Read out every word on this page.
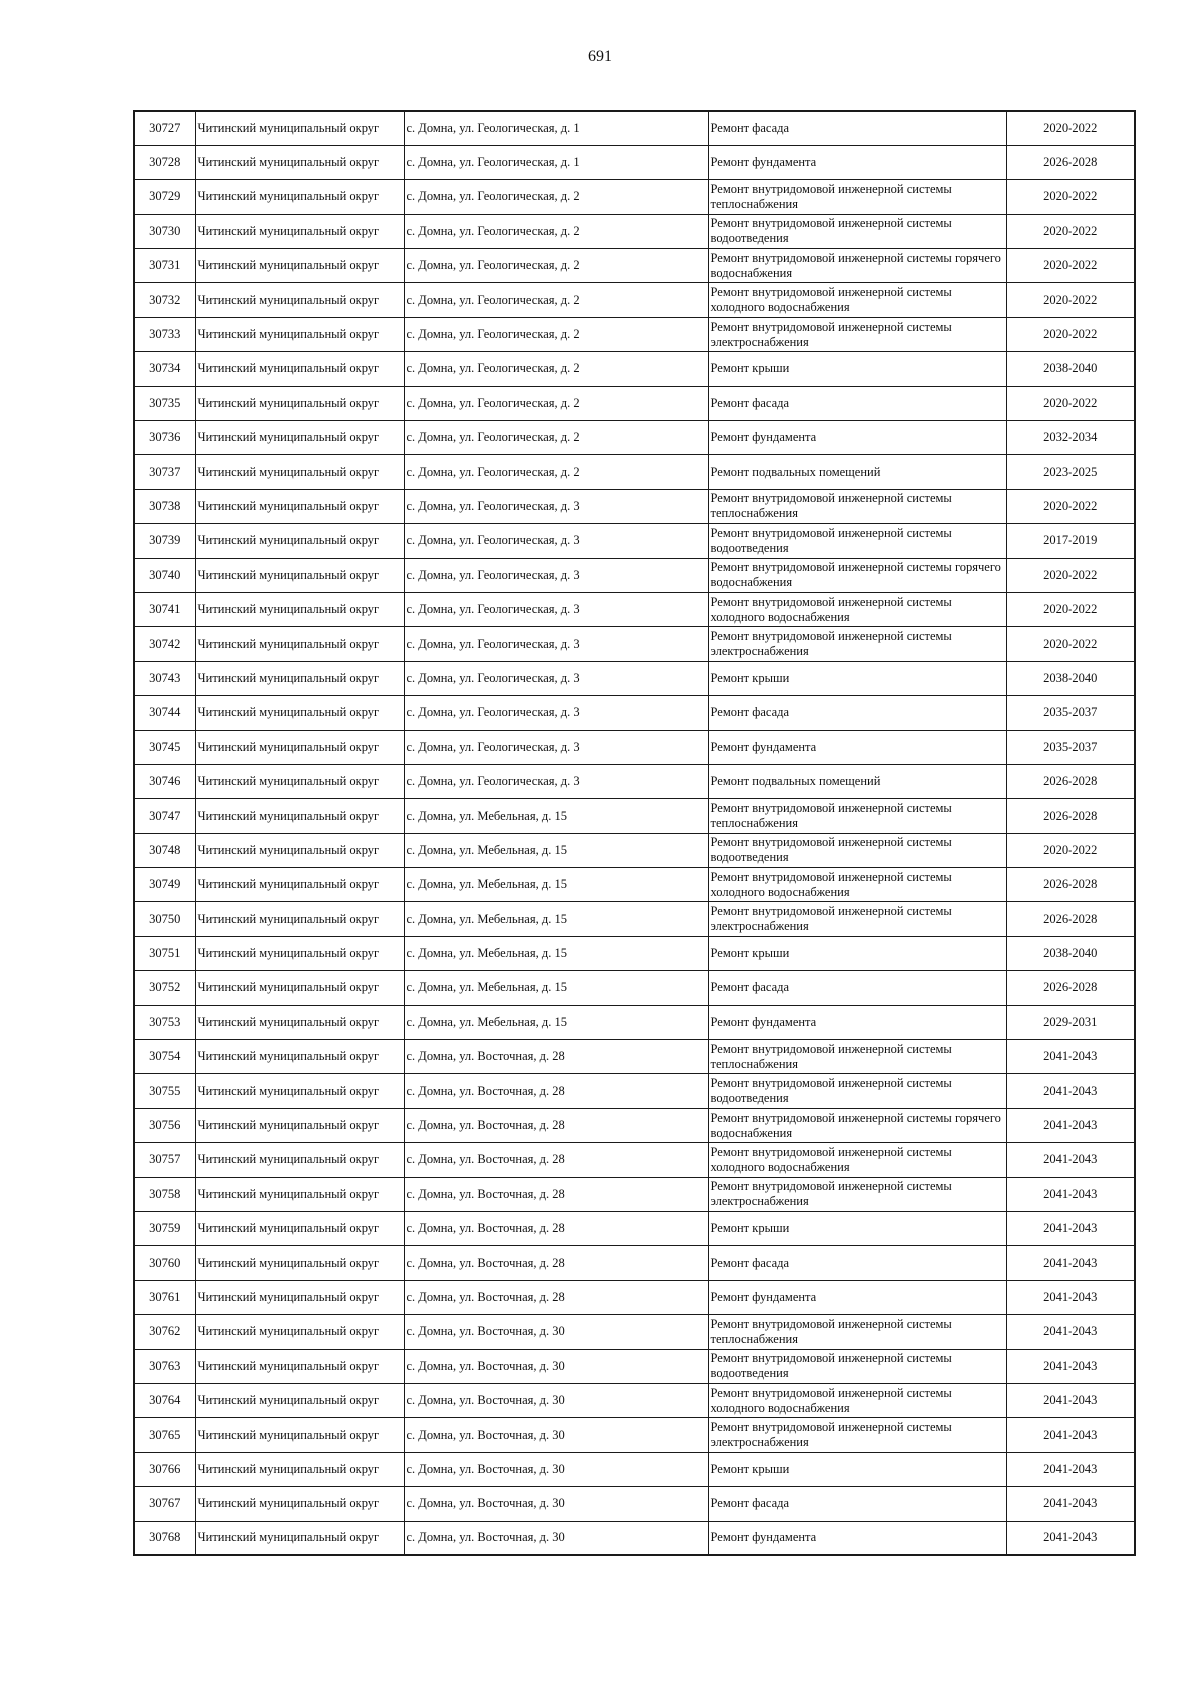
691
30727	Читинский муниципальный округ	с. Домна, ул. Геологическая, д. 1	Ремонт фасада	2020-2022
30728	Читинский муниципальный округ	с. Домна, ул. Геологическая, д. 1	Ремонт фундамента	2026-2028
30729	Читинский муниципальный округ	с. Домна, ул. Геологическая, д. 2	Ремонт внутридомовой инженерной системы теплоснабжения	2020-2022
30730	Читинский муниципальный округ	с. Домна, ул. Геологическая, д. 2	Ремонт внутридомовой инженерной системы водоотведения	2020-2022
30731	Читинский муниципальный округ	с. Домна, ул. Геологическая, д. 2	Ремонт внутридомовой инженерной системы горячего водоснабжения	2020-2022
30732	Читинский муниципальный округ	с. Домна, ул. Геологическая, д. 2	Ремонт внутридомовой инженерной системы холодного водоснабжения	2020-2022
30733	Читинский муниципальный округ	с. Домна, ул. Геологическая, д. 2	Ремонт внутридомовой инженерной системы электроснабжения	2020-2022
30734	Читинский муниципальный округ	с. Домна, ул. Геологическая, д. 2	Ремонт крыши	2038-2040
30735	Читинский муниципальный округ	с. Домна, ул. Геологическая, д. 2	Ремонт фасада	2020-2022
30736	Читинский муниципальный округ	с. Домна, ул. Геологическая, д. 2	Ремонт фундамента	2032-2034
30737	Читинский муниципальный округ	с. Домна, ул. Геологическая, д. 2	Ремонт подвальных помещений	2023-2025
30738	Читинский муниципальный округ	с. Домна, ул. Геологическая, д. 3	Ремонт внутридомовой инженерной системы теплоснабжения	2020-2022
30739	Читинский муниципальный округ	с. Домна, ул. Геологическая, д. 3	Ремонт внутридомовой инженерной системы водоотведения	2017-2019
30740	Читинский муниципальный округ	с. Домна, ул. Геологическая, д. 3	Ремонт внутридомовой инженерной системы горячего водоснабжения	2020-2022
30741	Читинский муниципальный округ	с. Домна, ул. Геологическая, д. 3	Ремонт внутридомовой инженерной системы холодного водоснабжения	2020-2022
30742	Читинский муниципальный округ	с. Домна, ул. Геологическая, д. 3	Ремонт внутридомовой инженерной системы электроснабжения	2020-2022
30743	Читинский муниципальный округ	с. Домна, ул. Геологическая, д. 3	Ремонт крыши	2038-2040
30744	Читинский муниципальный округ	с. Домна, ул. Геологическая, д. 3	Ремонт фасада	2035-2037
30745	Читинский муниципальный округ	с. Домна, ул. Геологическая, д. 3	Ремонт фундамента	2035-2037
30746	Читинский муниципальный округ	с. Домна, ул. Геологическая, д. 3	Ремонт подвальных помещений	2026-2028
30747	Читинский муниципальный округ	с. Домна, ул. Мебельная, д. 15	Ремонт внутридомовой инженерной системы теплоснабжения	2026-2028
30748	Читинский муниципальный округ	с. Домна, ул. Мебельная, д. 15	Ремонт внутридомовой инженерной системы водоотведения	2020-2022
30749	Читинский муниципальный округ	с. Домна, ул. Мебельная, д. 15	Ремонт внутридомовой инженерной системы холодного водоснабжения	2026-2028
30750	Читинский муниципальный округ	с. Домна, ул. Мебельная, д. 15	Ремонт внутридомовой инженерной системы электроснабжения	2026-2028
30751	Читинский муниципальный округ	с. Домна, ул. Мебельная, д. 15	Ремонт крыши	2038-2040
30752	Читинский муниципальный округ	с. Домна, ул. Мебельная, д. 15	Ремонт фасада	2026-2028
30753	Читинский муниципальный округ	с. Домна, ул. Мебельная, д. 15	Ремонт фундамента	2029-2031
30754	Читинский муниципальный округ	с. Домна, ул. Восточная, д. 28	Ремонт внутридомовой инженерной системы теплоснабжения	2041-2043
30755	Читинский муниципальный округ	с. Домна, ул. Восточная, д. 28	Ремонт внутридомовой инженерной системы водоотведения	2041-2043
30756	Читинский муниципальный округ	с. Домна, ул. Восточная, д. 28	Ремонт внутридомовой инженерной системы горячего водоснабжения	2041-2043
30757	Читинский муниципальный округ	с. Домна, ул. Восточная, д. 28	Ремонт внутридомовой инженерной системы холодного водоснабжения	2041-2043
30758	Читинский муниципальный округ	с. Домна, ул. Восточная, д. 28	Ремонт внутридомовой инженерной системы электроснабжения	2041-2043
30759	Читинский муниципальный округ	с. Домна, ул. Восточная, д. 28	Ремонт крыши	2041-2043
30760	Читинский муниципальный округ	с. Домна, ул. Восточная, д. 28	Ремонт фасада	2041-2043
30761	Читинский муниципальный округ	с. Домна, ул. Восточная, д. 28	Ремонт фундамента	2041-2043
30762	Читинский муниципальный округ	с. Домна, ул. Восточная, д. 30	Ремонт внутридомовой инженерной системы теплоснабжения	2041-2043
30763	Читинский муниципальный округ	с. Домна, ул. Восточная, д. 30	Ремонт внутридомовой инженерной системы водоотведения	2041-2043
30764	Читинский муниципальный округ	с. Домна, ул. Восточная, д. 30	Ремонт внутридомовой инженерной системы холодного водоснабжения	2041-2043
30765	Читинский муниципальный округ	с. Домна, ул. Восточная, д. 30	Ремонт внутридомовой инженерной системы электроснабжения	2041-2043
30766	Читинский муниципальный округ	с. Домна, ул. Восточная, д. 30	Ремонт крыши	2041-2043
30767	Читинский муниципальный округ	с. Домна, ул. Восточная, д. 30	Ремонт фасада	2041-2043
30768	Читинский муниципальный округ	с. Домна, ул. Восточная, д. 30	Ремонт фундамента	2041-2043
